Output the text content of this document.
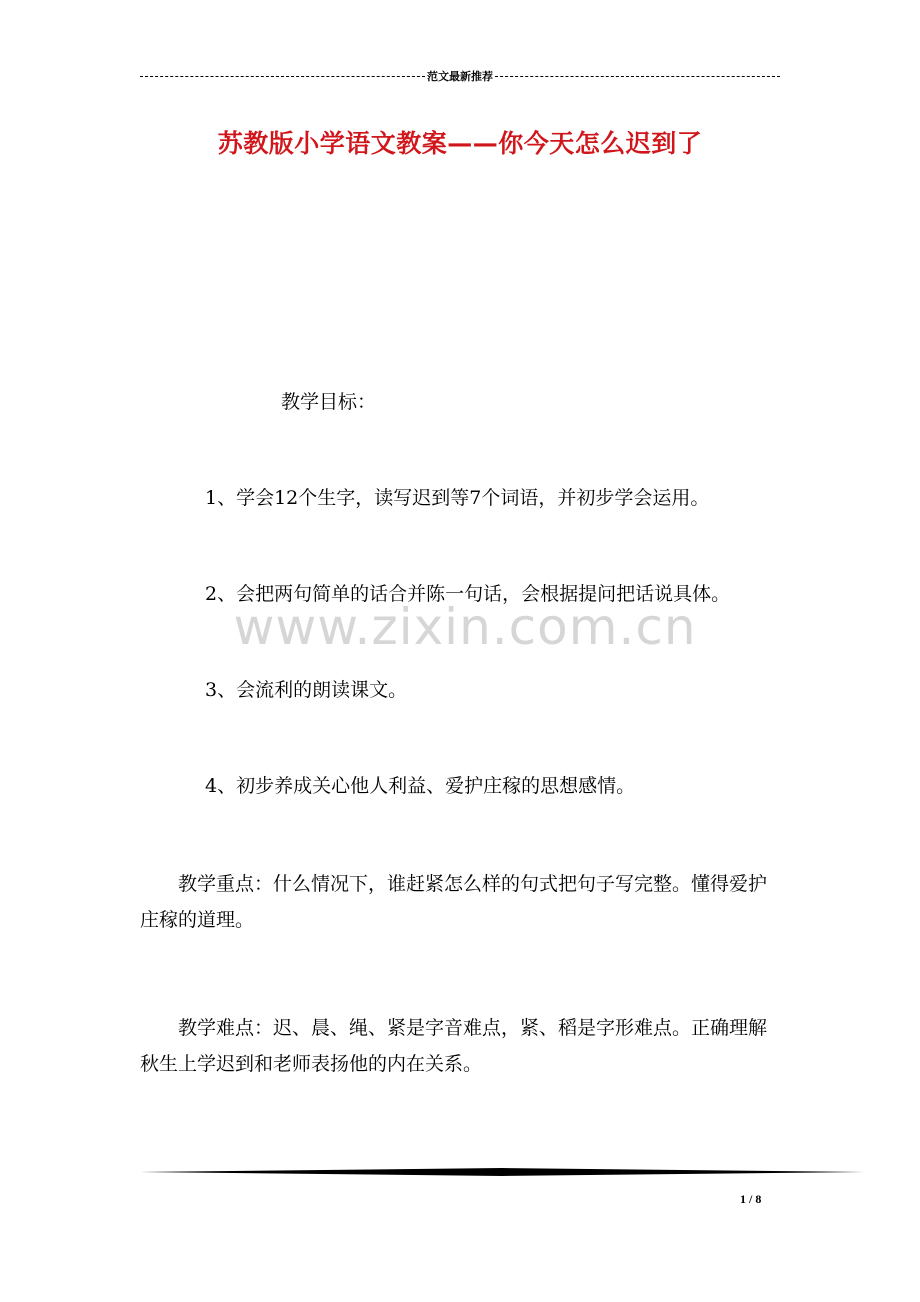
范文最新推荐
苏教版小学语文教案——你今天怎么迟到了
教学目标：
1、学会12个生字，读写迟到等7个词语，并初步学会运用。
2、会把两句简单的话合并陈一句话，会根据提问把话说具体。
3、会流利的朗读课文。
4、初步养成关心他人利益、爱护庄稼的思想感情。
www.zixin.com.cn
教学重点：什么情况下，谁赶紧怎么样的句式把句子写完整。懂得爱护庄稼的道理。
教学难点：迟、晨、绳、紧是字音难点，紧、稻是字形难点。正确理解秋生上学迟到和老师表扬他的内在关系。
1 / 8
